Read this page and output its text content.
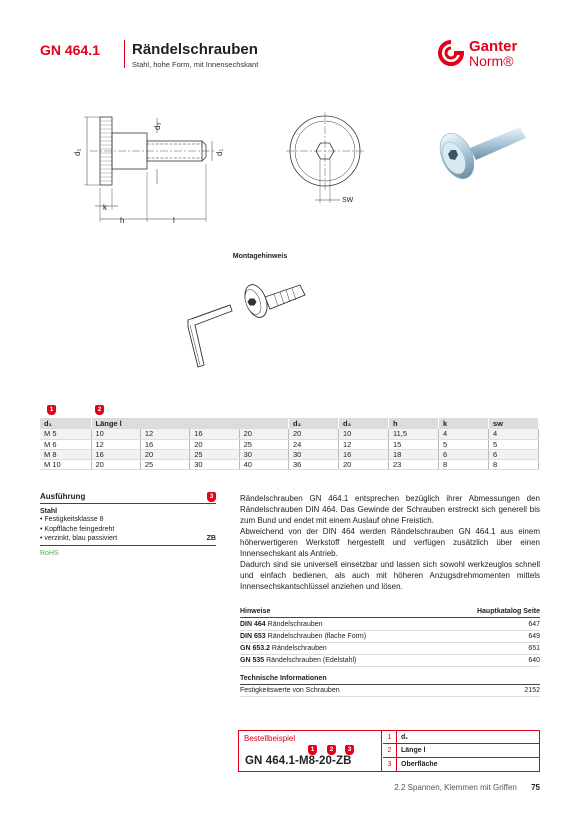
GN 464.1 Rändelschrauben
Stahl, hohe Form, mit Innensechskant
Ganter
Norm®
d₂
d₃
d₁
k
h	l
SW
Montagehinweis
1	2
d₁	Länge l				d₂	d₃	h	k	sw
M 5	10	12	16	20	20	10	11,5	4	4
M 6	12	16	20	25	24	12	15	5	5
M 8	16	20	25	30	30	16	18	6	6
M 10	20	25	30	40	36	20	23	8	8
Ausführung	3
Stahl
• Festigkeitsklasse 8
• Kopffläche feingedreht
• verzinkt, blau passiviert	ZB
RoHS

Rändelschrauben GN 464.1 entsprechen bezüglich ihrer Abmessungen den Rändelschrauben DIN 464. Das Gewinde der Schrauben erstreckt sich generell bis zum Bund und endet mit einem Auslauf ohne Freistich.

Abweichend von der DIN 464 werden Rändelschrauben GN 464.1 aus einem höherwertigeren Werkstoff hergestellt und verfügen zusätzlich über einen Innensechskant als Antrieb.

Dadurch sind sie universell einsetzbar und lassen sich sowohl werkzeuglos schnell und einfach bedienen, als auch mit höheren Anzugsdrehmomenten mittels Innensechskantschlüssel anziehen und lösen.

Hinweise	Hauptkatalog Seite
DIN 464 Rändelschrauben	647
DIN 653 Rändelschrauben (flache Form)	649
GN 653.2 Rändelschrauben	651
GN 535 Rändelschrauben (Edelstahl)	640
Technische Informationen
Festigkeitswerte von Schrauben	2152
Bestellbeispiel
1	2	3
GN 464.1-M8-20-ZB
1	d₁
2	Länge l
3	Oberfläche
2.2 Spannen, Klemmen mit Griffen 75
